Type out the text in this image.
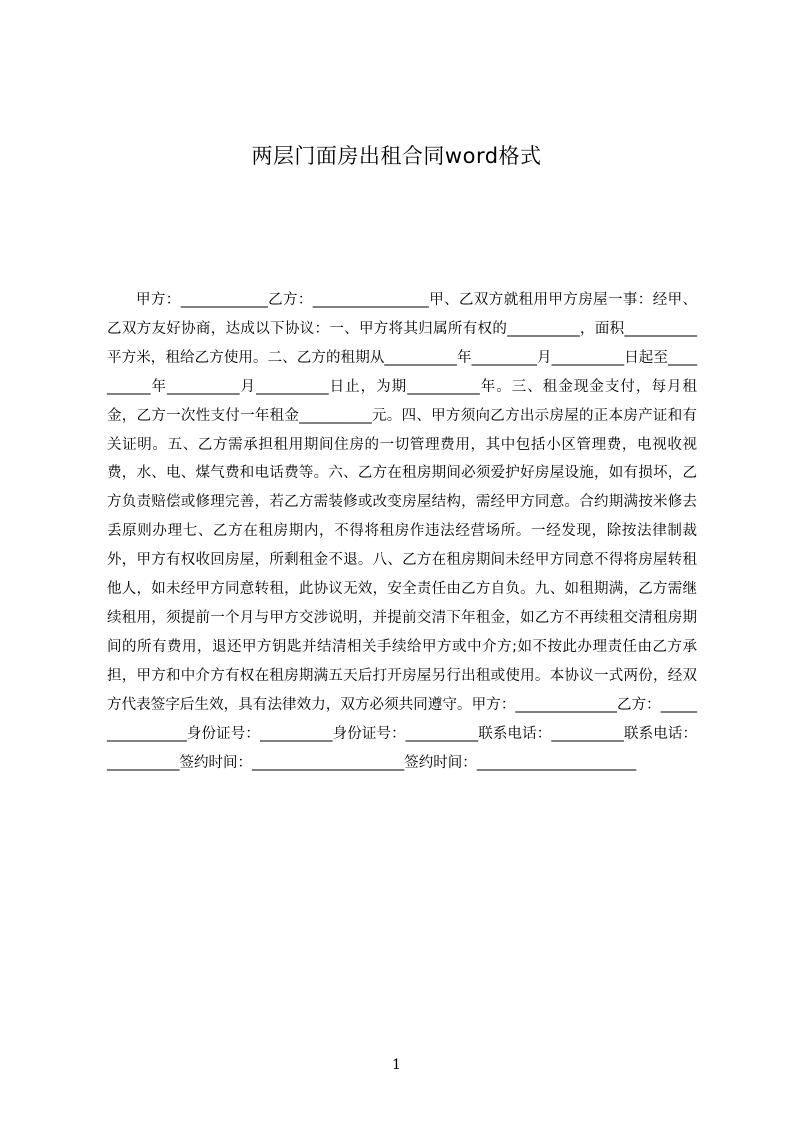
两层门面房出租合同word格式

甲方：____________乙方：________________甲、乙双方就租用甲方房屋一事：经甲、乙双方友好协商，达成以下协议：一、甲方将其归属所有权的__________，面积__________平方米，租给乙方使用。二、乙方的租期从__________年_________月__________日起至__________年__________月__________日止，为期__________年。三、租金现金支付，每月租金，乙方一次性支付一年租金__________元。四、甲方须向乙方出示房屋的正本房产证和有关证明。五、乙方需承担租用期间住房的一切管理费用，其中包括小区管理费，电视收视费，水、电、煤气费和电话费等。六、乙方在租房期间必须爱护好房屋设施，如有损坏，乙方负责赔偿或修理完善，若乙方需装修或改变房屋结构，需经甲方同意。合约期满按米修去丢原则办理七、乙方在租房期内，不得将租房作违法经营场所。一经发现，除按法律制裁外，甲方有权收回房屋，所剩租金不退。八、乙方在租房期间未经甲方同意不得将房屋转租他人，如未经甲方同意转租，此协议无效，安全责任由乙方自负。九、如租期满，乙方需继续租用，须提前一个月与甲方交涉说明，并提前交清下年租金，如乙方不再续租交清租房期间的所有费用，退还甲方钥匙并结清相关手续给甲方或中介方;如不按此办理责任由乙方承担，甲方和中介方有权在租房期满五天后打开房屋另行出租或使用。本协议一式两份，经双方代表签字后生效，具有法律效力，双方必须共同遵守。甲方：______________乙方：________________身份证号：__________身份证号：__________联系电话：__________联系电话：__________签约时间：_____________________签约时间：______________________

1
